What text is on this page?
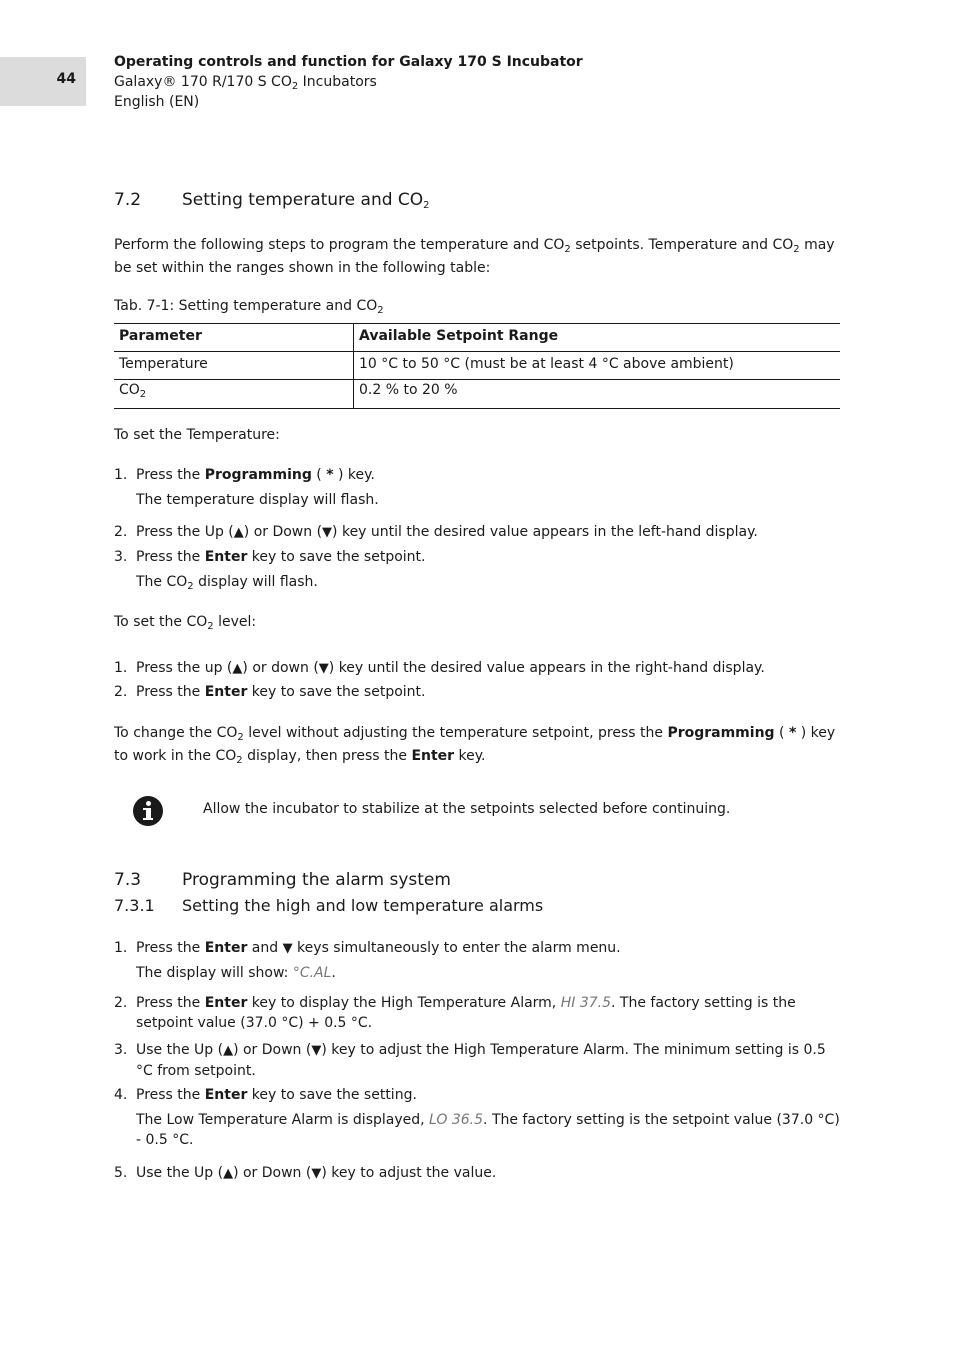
44
Operating controls and function for Galaxy 170 S Incubator
Galaxy® 170 R/170 S $CO_2$ Incubators
English (EN)
7.2 Setting temperature and $CO_2$
Perform the following steps to program the temperature and $CO_2$ setpoints. Temperature and $CO_2$ may be set within the ranges shown in the following table:
Tab. 7-1: Setting temperature and $CO_2$
Parameter	Available Setpoint Range
Temperature	10 °C to 50 °C (must be at least 4 °C above ambient)
$CO_2$	0.2 % to 20 %
To set the Temperature:
1. Press the Programming ( * ) key.
The temperature display will flash.
2. Press the Up (▲) or Down (▼) key until the desired value appears in the left-hand display.
3. Press the Enter key to save the setpoint.
The $CO_2$ display will flash.
To set the $CO_2$ level:
1. Press the up (▲) or down (▼) key until the desired value appears in the right-hand display.
2. Press the Enter key to save the setpoint.
To change the $CO_2$ level without adjusting the temperature setpoint, press the Programming ( * ) key to work in the $CO_2$ display, then press the Enter key.
Allow the incubator to stabilize at the setpoints selected before continuing.
7.3 Programming the alarm system
7.3.1 Setting the high and low temperature alarms
1. Press the Enter and ▼ keys simultaneously to enter the alarm menu.
The display will show: °C.AL.
2. Press the Enter key to display the High Temperature Alarm, HI 37.5. The factory setting is the setpoint value (37.0 °C) + 0.5 °C.
3. Use the Up (▲) or Down (▼) key to adjust the High Temperature Alarm. The minimum setting is 0.5 °C from setpoint.
4. Press the Enter key to save the setting.
The Low Temperature Alarm is displayed, LO 36.5. The factory setting is the setpoint value (37.0 °C) - 0.5 °C.
5. Use the Up (▲) or Down (▼) key to adjust the value.
